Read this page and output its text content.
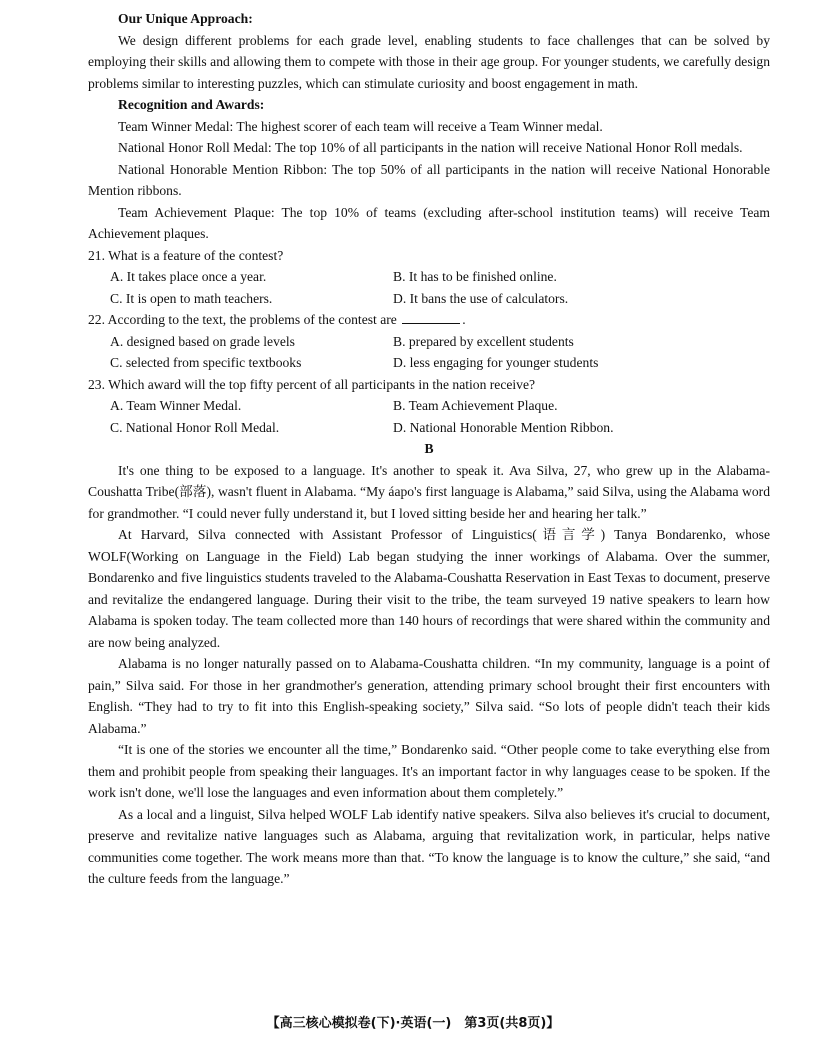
Our Unique Approach:

We design different problems for each grade level, enabling students to face challenges that can be solved by employing their skills and allowing them to compete with those in their age group. For younger students, we carefully design problems similar to interesting puzzles, which can stimulate curiosity and boost engagement in math.

Recognition and Awards:

Team Winner Medal: The highest scorer of each team will receive a Team Winner medal.

National Honor Roll Medal: The top 10% of all participants in the nation will receive National Honor Roll medals.

National Honorable Mention Ribbon: The top 50% of all participants in the nation will receive National Honorable Mention ribbons.

Team Achievement Plaque: The top 10% of teams (excluding after-school institution teams) will receive Team Achievement plaques.

21. What is a feature of the contest?

A. It takes place once a year.	B. It has to be finished online.
C. It is open to math teachers.	D. It bans the use of calculators.

22. According to the text, the problems of the contest are	.

A. designed based on grade levels	B. prepared by excellent students
C. selected from specific textbooks	D. less engaging for younger students

23. Which award will the top fifty percent of all participants in the nation receive?

A. Team Winner Medal.	B. Team Achievement Plaque.
C. National Honor Roll Medal.	D. National Honorable Mention Ribbon.

B

It's one thing to be exposed to a language. It's another to speak it. Ava Silva, 27, who grew up in the Alabama-Coushatta Tribe(部落), wasn't fluent in Alabama. “My áapo's first language is Alabama,” said Silva, using the Alabama word for grandmother. “I could never fully understand it, but I loved sitting beside her and hearing her talk.”

At Harvard, Silva connected with Assistant Professor of Linguistics(语言学) Tanya Bondarenko, whose WOLF(Working on Language in the Field) Lab began studying the inner workings of Alabama. Over the summer, Bondarenko and five linguistics students traveled to the Alabama-Coushatta Reservation in East Texas to document, preserve and revitalize the endangered language. During their visit to the tribe, the team surveyed 19 native speakers to learn how Alabama is spoken today. The team collected more than 140 hours of recordings that were shared within the community and are now being analyzed.

Alabama is no longer naturally passed on to Alabama-Coushatta children. “In my community, language is a point of pain,” Silva said. For those in her grandmother's generation, attending primary school brought their first encounters with English. “They had to try to fit into this English-speaking society,” Silva said. “So lots of people didn't teach their kids Alabama.”

“It is one of the stories we encounter all the time,” Bondarenko said. “Other people come to take everything else from them and prohibit people from speaking their languages. It's an important factor in why languages cease to be spoken. If the work isn't done, we'll lose the languages and even information about them completely.”

As a local and a linguist, Silva helped WOLF Lab identify native speakers. Silva also believes it's crucial to document, preserve and revitalize native languages such as Alabama, arguing that revitalization work, in particular, helps native communities come together. The work means more than that. “To know the language is to know the culture,” she said, “and the culture feeds from the language.”

【高三核心模拟卷(下)·英语(一)　第3页(共8页)】
